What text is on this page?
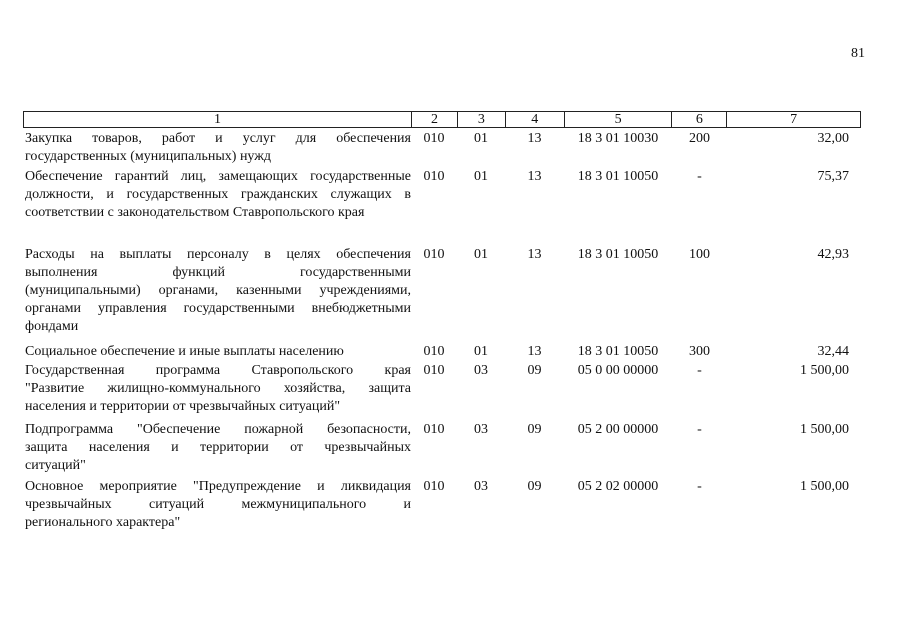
81
1	2	3	4	5	6	7
Закупка товаров, работ и услуг для обеспечения
государственных (муниципальных) нужд
010	01	13	18 3 01 10030	200	32,00
Обеспечение гарантий лиц, замещающих государственные
должности, и государственных гражданских служащих в
соответствии с законодательством Ставропольского края
010	01	13	18 3 01 10050	-	75,37
Расходы на выплаты персоналу в целях обеспечения
выполнения функций государственными
(муниципальными) органами, казенными учреждениями,
органами управления государственными внебюджетными
фондами
010	01	13	18 3 01 10050	100	42,93
Социальное обеспечение и иные выплаты населению	010	01	13	18 3 01 10050	300	32,44
Государственная программа Ставропольского края
"Развитие жилищно-коммунального хозяйства, защита
населения и территории от чрезвычайных ситуаций"
010	03	09	05 0 00 00000	-	1 500,00
Подпрограмма "Обеспечение пожарной безопасности,
защита населения и территории от чрезвычайных
ситуаций"
010	03	09	05 2 00 00000	-	1 500,00
Основное мероприятие "Предупреждение и ликвидация
чрезвычайных ситуаций межмуниципального и
регионального характера"
010	03	09	05 2 02 00000	-	1 500,00
